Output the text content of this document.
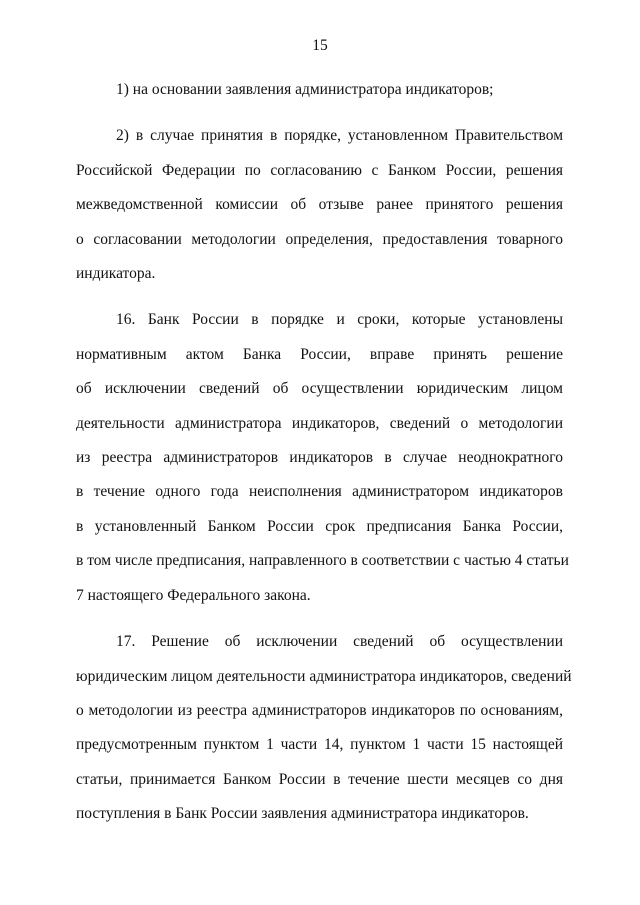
15
1) на основании заявления администратора индикаторов;
2) в случае принятия в порядке, установленном Правительством
Российской Федерации по согласованию с Банком России, решения
межведомственной комиссии об отзыве ранее принятого решения
о согласовании методологии определения, предоставления товарного
индикатора.
16. Банк России в порядке и сроки, которые установлены
нормативным актом Банка России, вправе принять решение
об исключении сведений об осуществлении юридическим лицом
деятельности администратора индикаторов, сведений о методологии
из реестра администраторов индикаторов в случае неоднократного
в течение одного года неисполнения администратором индикаторов
в установленный Банком России срок предписания Банка России,
в том числе предписания, направленного в соответствии с частью 4 статьи
7 настоящего Федерального закона.
17. Решение об исключении сведений об осуществлении
юридическим лицом деятельности администратора индикаторов, сведений
о методологии из реестра администраторов индикаторов по основаниям,
предусмотренным пунктом 1 части 14, пунктом 1 части 15 настоящей
статьи, принимается Банком России в течение шести месяцев со дня
поступления в Банк России заявления администратора индикаторов.
